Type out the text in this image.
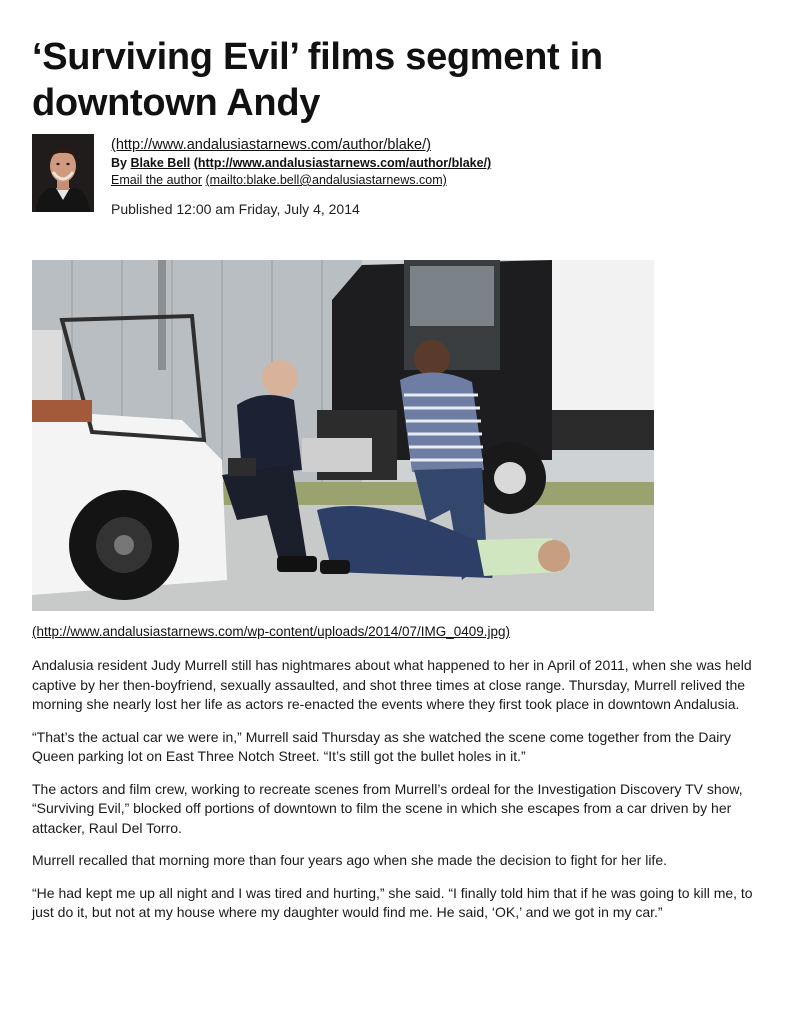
‘Surviving Evil’ films segment in downtown Andy
(http://www.andalusiastarnews.com/author/blake/)
By Blake Bell (http://www.andalusiastarnews.com/author/blake/)
Email the author (mailto:blake.bell@andalusiastarnews.com)
Published 12:00 am Friday, July 4, 2014
(http://www.andalusiastarnews.com/wp-content/uploads/2014/07/IMG_0409.jpg)

Andalusia resident Judy Murrell still has nightmares about what happened to her in April of 2011, when she was held captive by her then-boyfriend, sexually assaulted, and shot three times at close range. Thursday, Murrell relived the morning she nearly lost her life as actors re-enacted the events where they first took place in downtown Andalusia.

“That’s the actual car we were in,” Murrell said Thursday as she watched the scene come together from the Dairy Queen parking lot on East Three Notch Street. “It’s still got the bullet holes in it.”

The actors and film crew, working to recreate scenes from Murrell’s ordeal for the Investigation Discovery TV show, “Surviving Evil,” blocked off portions of downtown to film the scene in which she escapes from a car driven by her attacker, Raul Del Torro.

Murrell recalled that morning more than four years ago when she made the decision to fight for her life.

“He had kept me up all night and I was tired and hurting,” she said. “I finally told him that if he was going to kill me, to just do it, but not at my house where my daughter would find me. He said, ‘OK,’ and we got in my car.”
